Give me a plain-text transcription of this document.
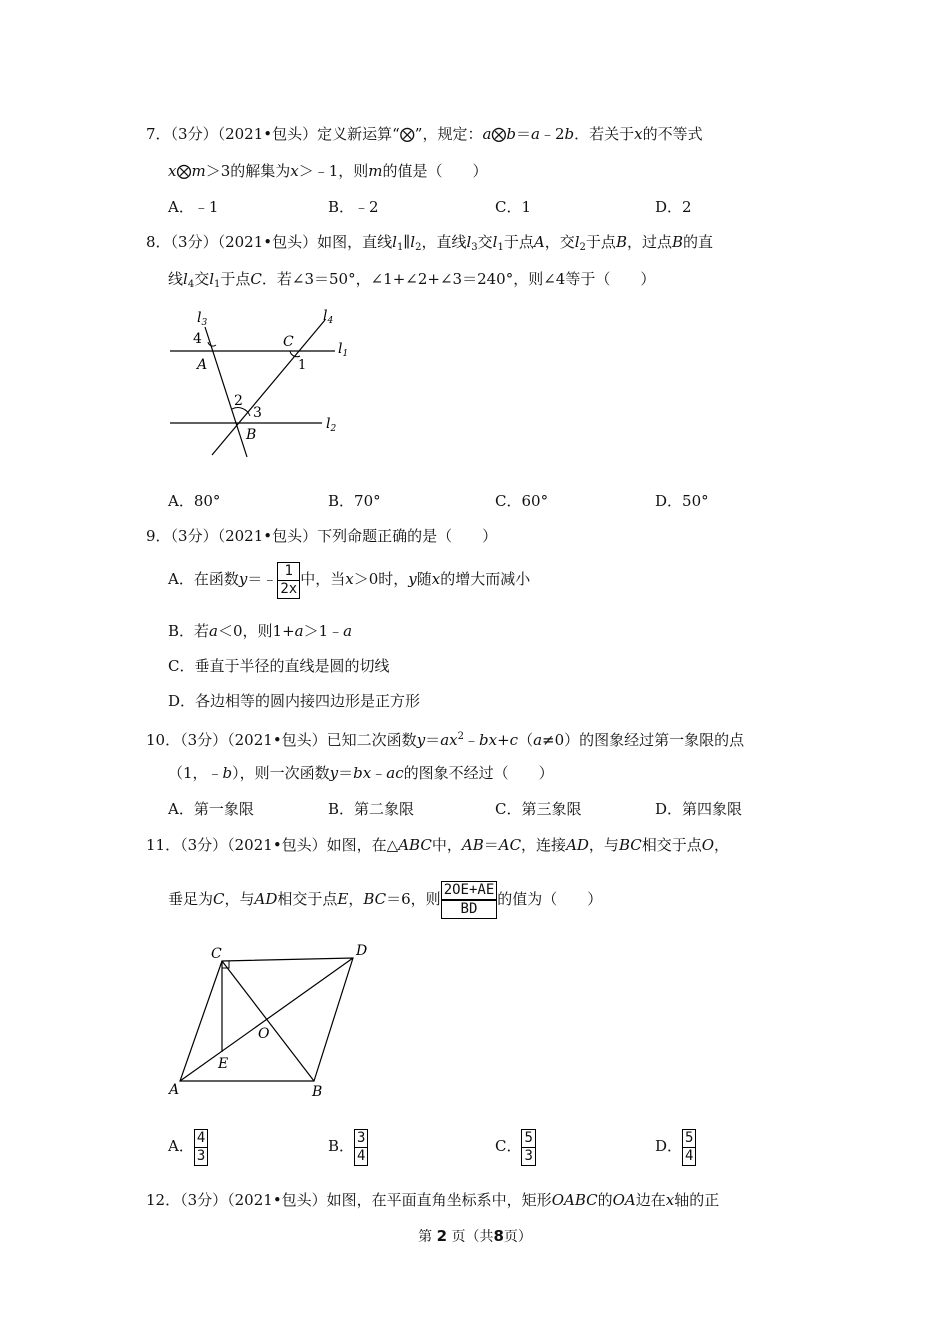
7．（3分）（2021•包头）定义新运算“⨂”，规定：a⨂b＝a﹣2b．若关于x的不等式
x⨂m＞3的解集为x＞﹣1，则m的值是（　　）
A．﹣1	B．﹣2	C．1	D．2
8．（3分）（2021•包头）如图，直线$l_1\parallel l_2$，直线$l_3$交$l_1$于点A，交$l_2$于点B，过点B的直
线$l_4$交$l_1$于点C．若∠3＝50°，∠1+∠2+∠3＝240°，则∠4等于（　　）
$l_3$	$l_4$
$l_1$
$l_2$
4
A
C
1
2
3
B
A．80°	B．70°	C．60°	D．50°
9．（3分）（2021•包头）下列命题正确的是（　　）
A．在函数y＝﹣ $\frac{1}{2x}$ 中，当x＞0时，y随x的增大而减小
B．若a＜0，则1+a＞1﹣a
C．垂直于半径的直线是圆的切线
D．各边相等的圆内接四边形是正方形
10．（3分）（2021•包头）已知二次函数$y=ax^2﹣bx+c(a\ne 0)$的图象经过第一象限的点
（1，﹣b），则一次函数y＝bx﹣ac的图象不经过（　　）
A．第一象限	B．第二象限	C．第三象限	D．第四象限
11．（3分）（2021•包头）如图，在△ABC中，AB＝AC，连接AD，与BC相交于点O，
垂足为C，与AD相交于点E，BC＝6，则 $\frac{2OE+AE}{BD}$ 的值为（　　）
C	D
O
E
A	B
A． $\frac{4}{3}$	B． $\frac{3}{4}$	C． $\frac{5}{3}$	D． $\frac{5}{4}$
12．（3分）（2021•包头）如图，在平面直角坐标系中，矩形OABC的OA边在x轴的正
第 2 页（共8页）
